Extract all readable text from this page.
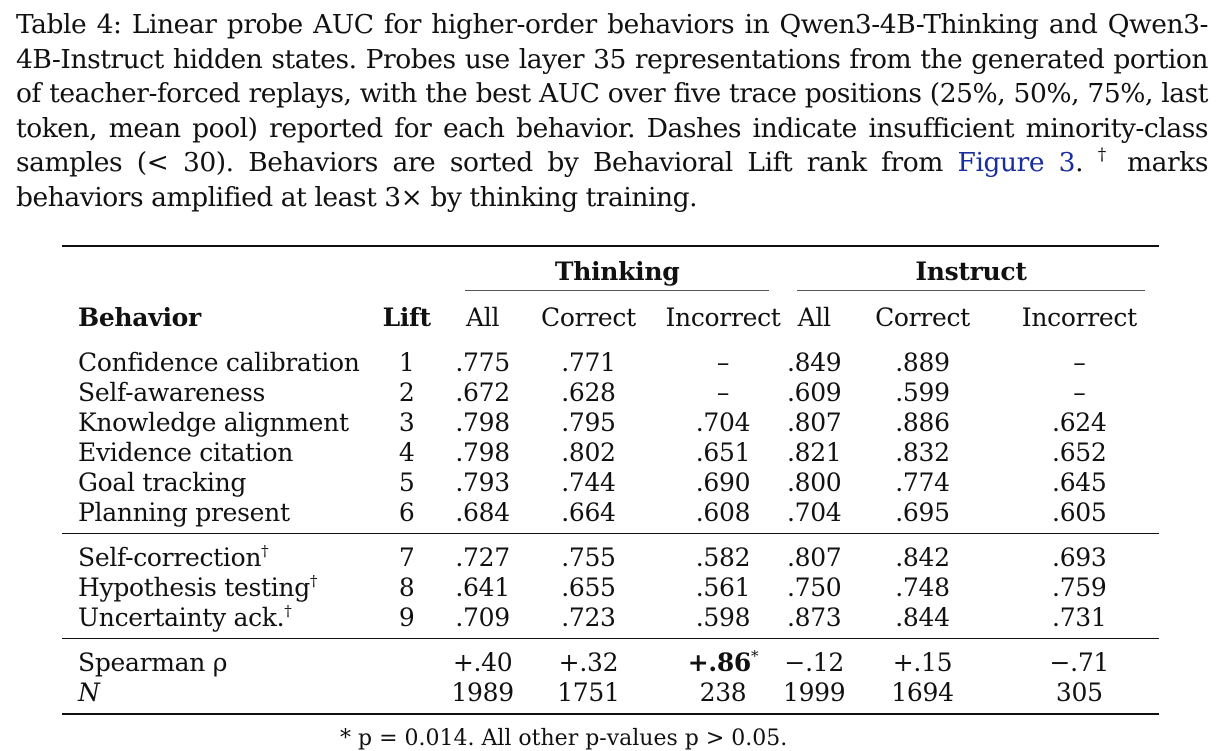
Table 4: Linear probe AUC for higher-order behaviors in Qwen3-4B-Thinking and Qwen3-4B-Instruct hidden states. Probes use layer 35 representations from the generated portion of teacher-forced replays, with the best AUC over five trace positions (25%, 50%, 75%, last token, mean pool) reported for each behavior. Dashes indicate insufficient minority-class samples (< 30). Behaviors are sorted by Behavioral Lift rank from Figure 3. † marks behaviors amplified at least 3× by thinking training.

		Thinking			Instruct		

Behavior	Lift	All	Correct	Incorrect	All	Correct	Incorrect
Confidence calibration	1	.775	.771	–	.849	.889	–
Self-awareness	2	.672	.628	–	.609	.599	–
Knowledge alignment	3	.798	.795	.704	.807	.886	.624
Evidence citation	4	.798	.802	.651	.821	.832	.652
Goal tracking	5	.793	.744	.690	.800	.774	.645
Planning present	6	.684	.664	.608	.704	.695	.605
Self-correction†	7	.727	.755	.582	.807	.842	.693
Hypothesis testing†	8	.641	.655	.561	.750	.748	.759
Uncertainty ack.†	9	.709	.723	.598	.873	.844	.731
Spearman ρ		+.40	+.32	+.86*	−.12	+.15	−.71
N		1989	1751	238	1999	1694	305
* p = 0.014. All other p-values p > 0.05.
